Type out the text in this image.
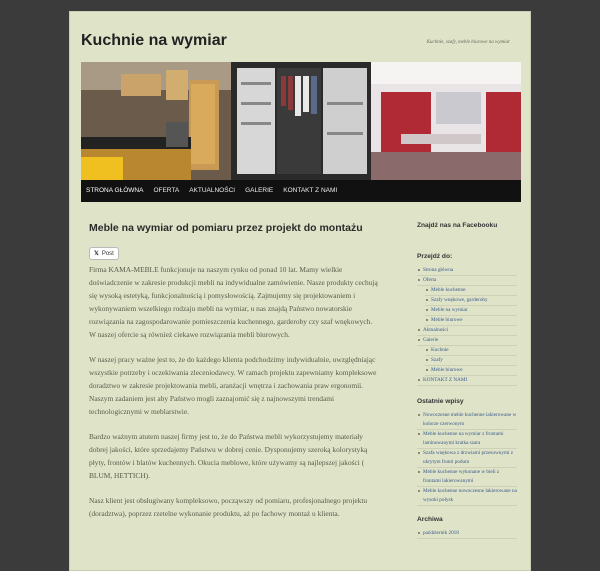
Kuchnie na wymiar	Kuchnie, szafy, meble biurowe na wymiar
STRONA GŁÓWNA	OFERTA	AKTUALNOŚCI	GALERIE	KONTAKT Z NAMI
Meble na wymiar od pomiaru przez projekt do montażu
𝕏 Post

Firma KAMA-MEBLE funkcjonuje na naszym rynku od ponad 10 lat. Mamy wielkie doświadczenie w zakresie produkcji mebli na indywidualne zamówienie. Nasze produkty cechują się wysoką estetyką, funkcjonalnością i pomysłowością. Zajmujemy się projektowaniem i wykonywaniem wszelkiego rodzaju mebli na wymiar, u nas znajdą Państwo nowatorskie rozwiązania na zagospodarowanie pomieszczenia kuchennego, garderoby czy szaf wnękowych. W naszej ofercie są również ciekawe rozwiązania mebli biurowych.

W naszej pracy ważne jest to, że do każdego klienta podchodzimy indywidualnie, uwzględniając wszystkie potrzeby i oczekiwania zleceniodawcy. W ramach projektu zapewniamy kompleksowe doradztwo w zakresie projektowania mebli, aranżacji wnętrza i zachowania praw ergonomii. Naszym zadaniem jest aby Państwo mogli zaznajomić się z najnowszymi trendami technologicznymi w meblarstwie.

Bardzo ważnym atutem naszej firmy jest to, że do Państwa mebli wykorzystujemy materiały dobrej jakości, które sprzedajemy Państwu w dobrej cenie. Dysponujemy szeroką kolorystyką płyty, frontów i blatów kuchennych. Okucia meblowe, które używamy są najlepszej jakości ( BLUM, HETTICH).

Nasz klient jest obsługiwany kompleksowo, począwszy od pomiaru, profesjonalnego projektu (doradztwa), poprzez rzetelne wykonanie produktu, aż po fachowy montaż u klienta.

Znajdź nas na Facebooku
Przejdź do:
Strona główna
Oferta
Meble kuchenne
Szafy wnękowe, garderoby
Meble na wymiar
Meble biurowe
Aktualności
Galerie
Kuchnie
Szafy
Meble biurowe
KONTAKT Z NAMI
Ostatnie wpisy
Nowoczesne meble kuchenne lakierowane w kolorze czerwonym
Meble kuchenne na wymiar z frontami laminowanymi kratka szara
Szafa wnękowa z drzwiami przesuwnymi z ukrytym fronti podum
Meble kuchenne wykonane w bieli z frontami lakierowanymi
Meble kuchenne nowoczesne lakierowane na wysoki połysk
Archiwa
październik 2018
